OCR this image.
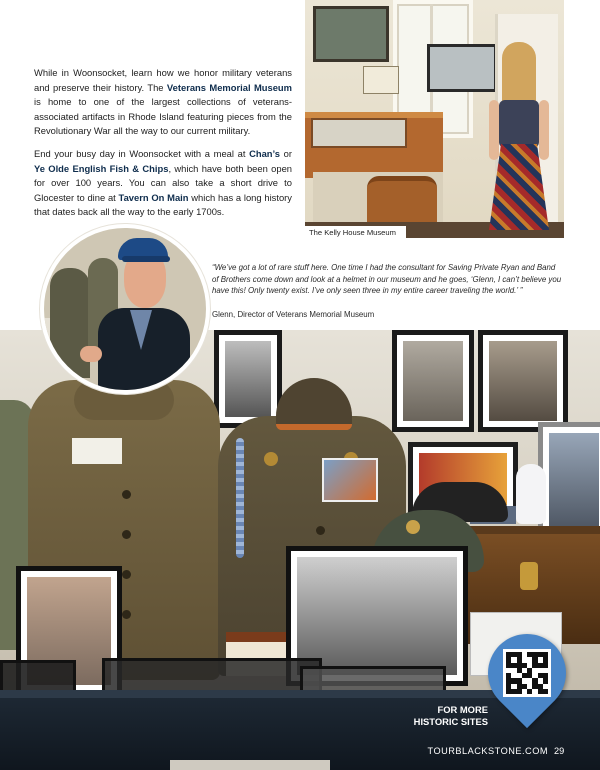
While in Woonsocket, learn how we honor military veterans and preserve their history. The Veterans Memorial Museum is home to one of the largest collections of veterans-associated artifacts in Rhode Island featuring pieces from the Revolutionary War all the way to our current military.

End your busy day in Woonsocket with a meal at Chan’s or Ye Olde English Fish & Chips, which have both been open for over 100 years. You can also take a short drive to Glocester to dine at Tavern On Main which has a long history that dates back all the way to the early 1700s.

The Kelly House Museum
“We’ve got a lot of rare stuff here. One time I had the consultant for Saving Private Ryan and Band of Brothers come down and look at a helmet in our museum and he goes, ‘Glenn, I can’t believe you have this! Only twenty exist. I’ve only seen three in my entire career traveling the world.’ ”
Glenn, Director of Veterans Memorial Museum
FOR MORE
HISTORIC SITES
TOURBLACKSTONE.COM 29
